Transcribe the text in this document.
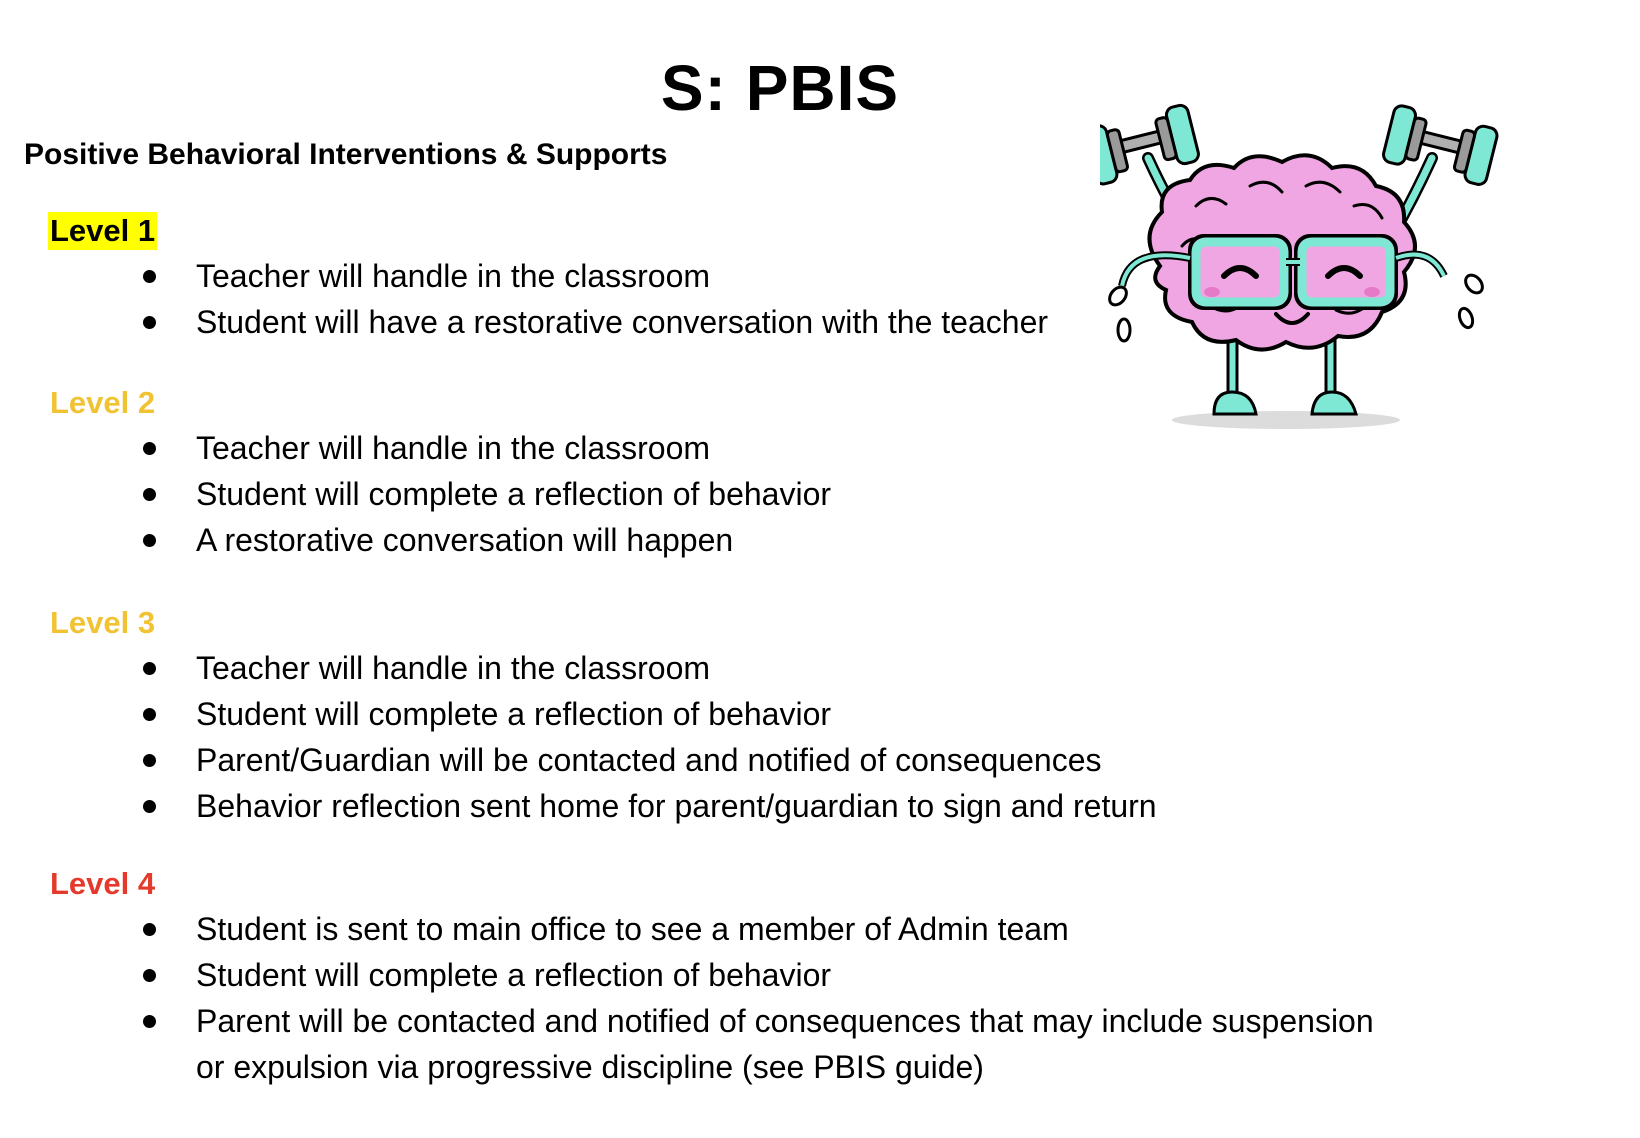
S: PBIS
Positive Behavioral Interventions & Supports
Level 1
Teacher will handle in the classroom
Student will have a restorative conversation with the teacher
Level 2
Teacher will handle in the classroom
Student will complete a reflection of behavior
A restorative conversation will happen
Level 3
Teacher will handle in the classroom
Student will complete a reflection of behavior
Parent/Guardian will be contacted and notified of consequences
Behavior reflection sent home for parent/guardian to sign and return
Level 4
Student is sent to main office to see a member of Admin team
Student will complete a reflection of behavior
Parent will be contacted and notified of consequences that may include suspension or expulsion via progressive discipline (see PBIS guide)
